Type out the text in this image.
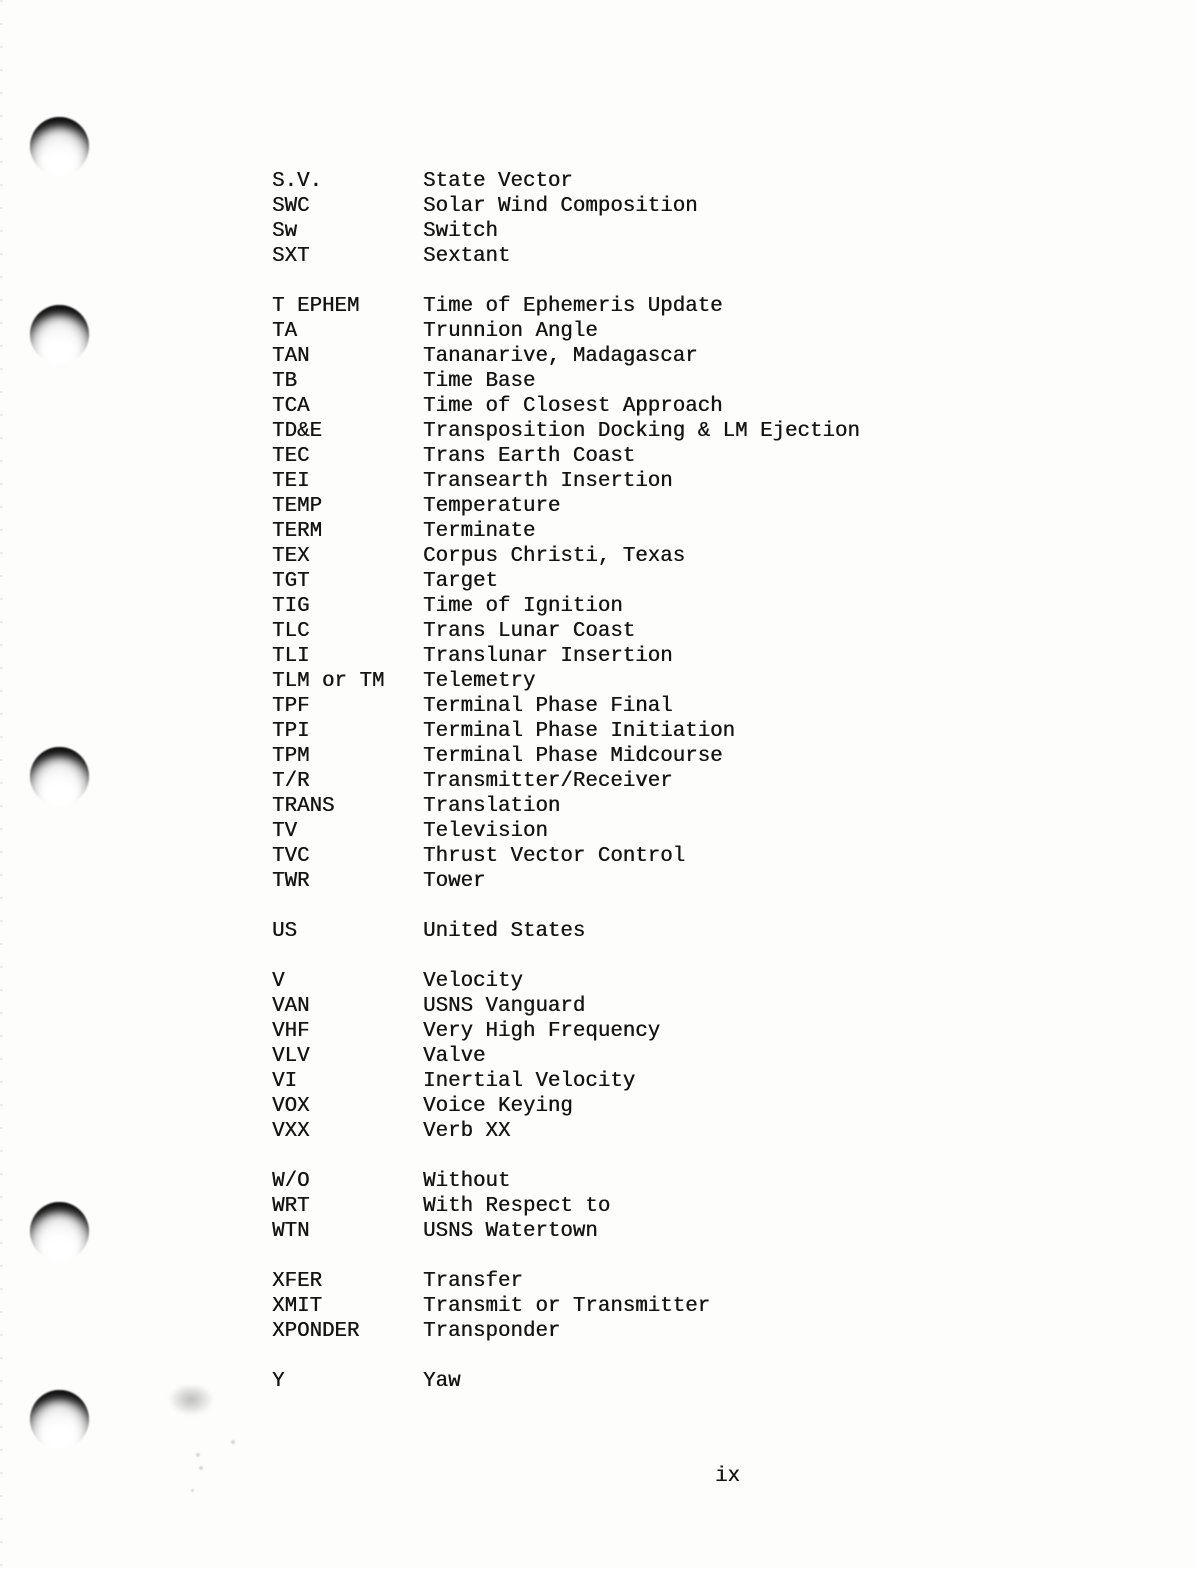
S.V.	State Vector
SWC	Solar Wind Composition
Sw	Switch
SXT	Sextant
T EPHEM	Time of Ephemeris Update
TA	Trunnion Angle
TAN	Tananarive, Madagascar
TB	Time Base
TCA	Time of Closest Approach
TD&E	Transposition Docking & LM Ejection
TEC	Trans Earth Coast
TEI	Transearth Insertion
TEMP	Temperature
TERM	Terminate
TEX	Corpus Christi, Texas
TGT	Target
TIG	Time of Ignition
TLC	Trans Lunar Coast
TLI	Translunar Insertion
TLM or TM	Telemetry
TPF	Terminal Phase Final
TPI	Terminal Phase Initiation
TPM	Terminal Phase Midcourse
T/R	Transmitter/Receiver
TRANS	Translation
TV	Television
TVC	Thrust Vector Control
TWR	Tower
US	United States
V	Velocity
VAN	USNS Vanguard
VHF	Very High Frequency
VLV	Valve
VI	Inertial Velocity
VOX	Voice Keying
VXX	Verb XX
W/O	Without
WRT	With Respect to
WTN	USNS Watertown
XFER	Transfer
XMIT	Transmit or Transmitter
XPONDER	Transponder
Y	Yaw
ix
